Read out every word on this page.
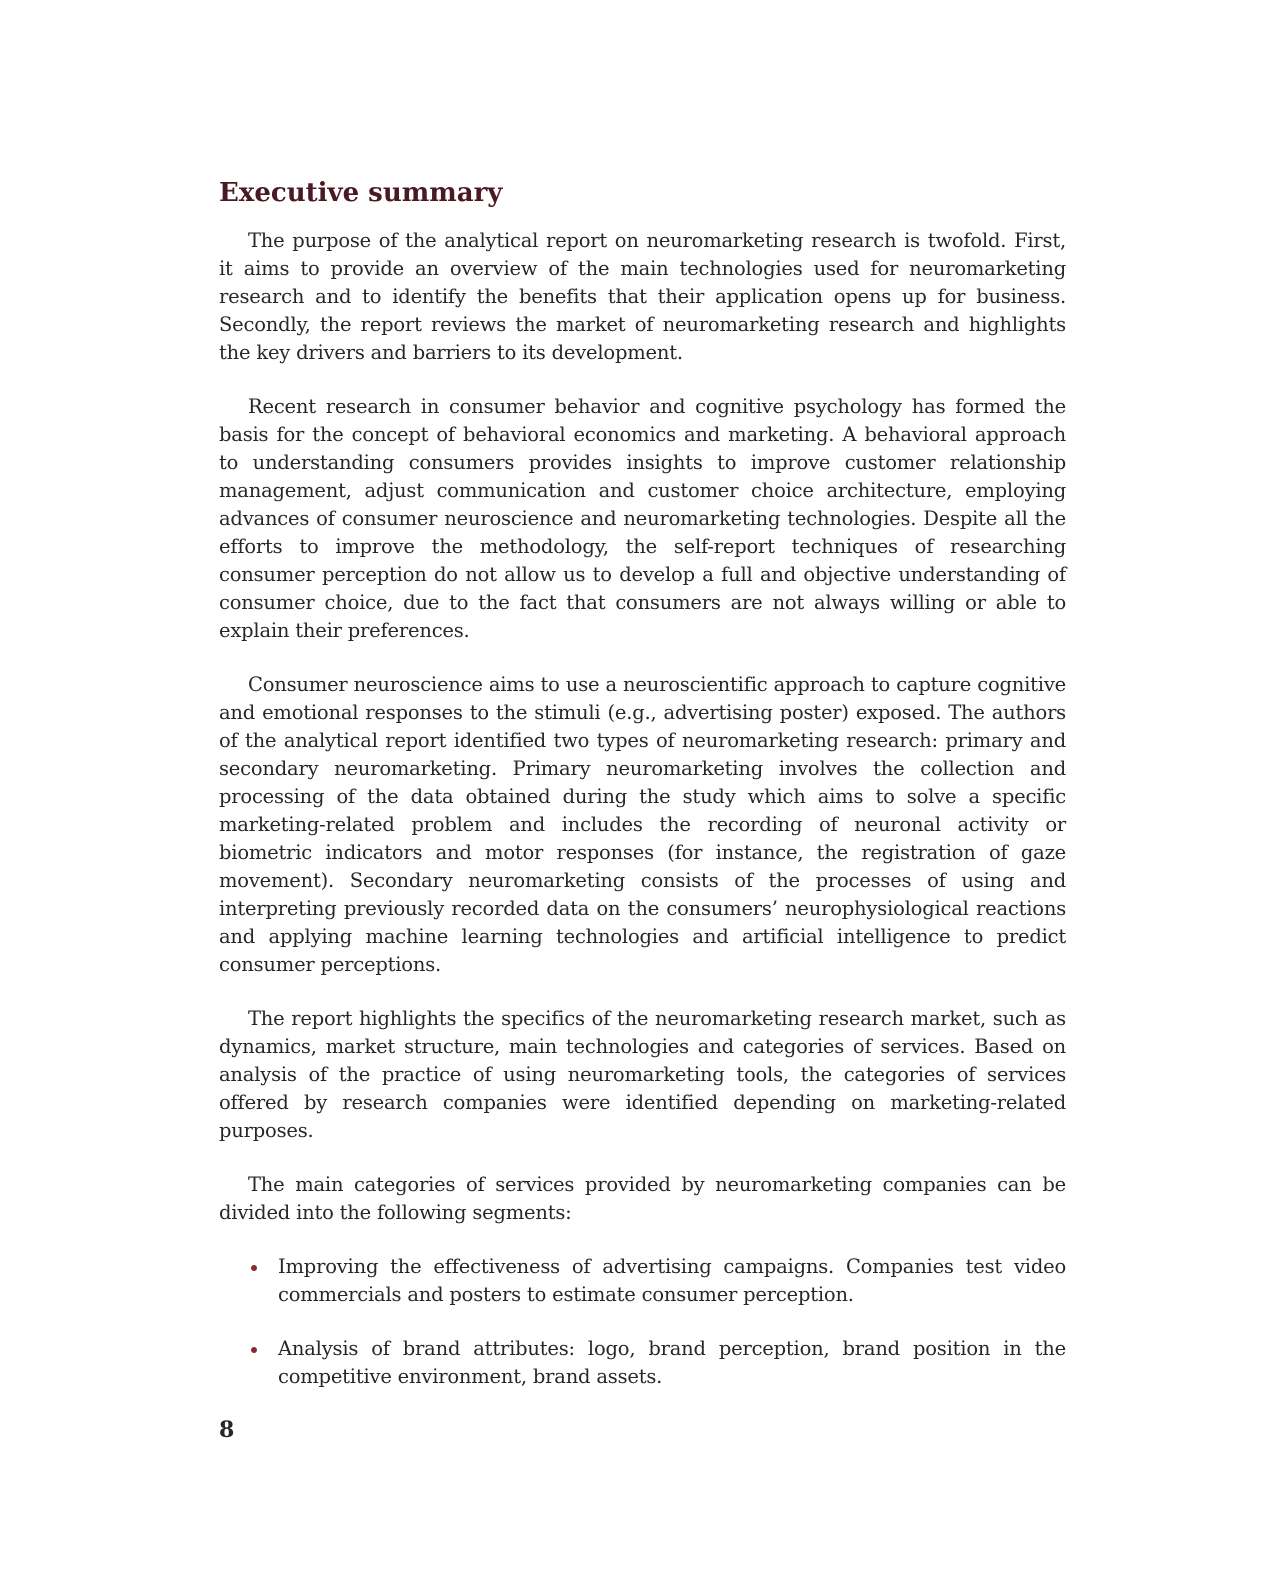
Executive summary

The purpose of the analytical report on neuromarketing research is twofold. First, it aims to provide an overview of the main technologies used for neuromarketing research and to identify the benefits that their application opens up for business. Secondly, the report reviews the market of neuromarketing research and highlights the key drivers and barriers to its development.

Recent research in consumer behavior and cognitive psychology has formed the basis for the concept of behavioral economics and marketing. A behavioral approach to understanding consumers provides insights to improve customer relationship management, adjust communication and customer choice architecture, employing advances of consumer neuroscience and neuromarketing technologies. Despite all the efforts to improve the methodology, the self-report techniques of researching consumer perception do not allow us to develop a full and objective understanding of consumer choice, due to the fact that consumers are not always willing or able to explain their preferences.

Consumer neuroscience aims to use a neuroscientific approach to capture cognitive and emotional responses to the stimuli (e.g., advertising poster) exposed. The authors of the analytical report identified two types of neuromarketing research: primary and secondary neuromarketing. Primary neuromarketing involves the collection and processing of the data obtained during the study which aims to solve a specific marketing-related problem and includes the recording of neuronal activity or biometric indicators and motor responses (for instance, the registration of gaze movement). Secondary neuromarketing consists of the processes of using and interpreting previously recorded data on the consumers’ neurophysiological reactions and applying machine learning technologies and artificial intelligence to predict consumer perceptions.

The report highlights the specifics of the neuromarketing research market, such as dynamics, market structure, main technologies and categories of services. Based on analysis of the practice of using neuromarketing tools, the categories of services offered by research companies were identified depending on marketing-related purposes.

The main categories of services provided by neuromarketing companies can be divided into the following segments:

Improving the effectiveness of advertising campaigns. Companies test video commercials and posters to estimate consumer perception.
Analysis of brand attributes: logo, brand perception, brand position in the competitive environment, brand assets.
8
